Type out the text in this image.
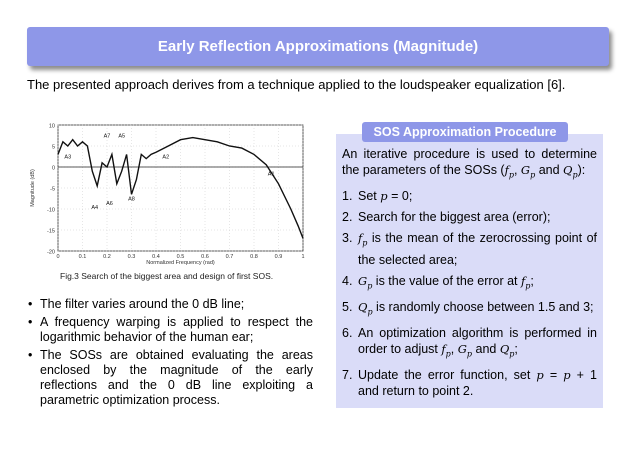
Early Reflection Approximations (Magnitude)
The presented approach derives from a technique applied to the loudspeaker equalization [6].
10
5
0
-5
-10
-15
-20
0	0.1	0.2	0.3	0.4	0.5	0.6	0.7	0.8	0.9	1
A1
A2
A3
A4
A5
A6
A7
A8
Normalized Frequency (rad)
Magnitude (dB)
Fig.3 Search of the biggest area and design of first SOS.
• The filter varies around the 0 dB line;
• A frequency warping is applied to respect the logarithmic behavior of the human ear;
• The SOSs are obtained evaluating the areas enclosed by the magnitude of the early reflections and the 0 dB line exploiting a parametric optimization process.
SOS Approximation Procedure

An iterative procedure is used to determine the parameters of the SOSs ($f_p$, $G_p$ and $Q_p$):

1. Set p = 0;
2. Search for the biggest area (error);
3. $f_p$ is the mean of the zerocrossing point of the selected area;
4. $G_p$ is the value of the error at $f_p$;
5. $Q_p$ is randomly choose between 1.5 and 3;
6. An optimization algorithm is performed in order to adjust $f_p$, $G_p$ and $Q_p$;
7. Update the error function, set p = p + 1 and return to point 2.
